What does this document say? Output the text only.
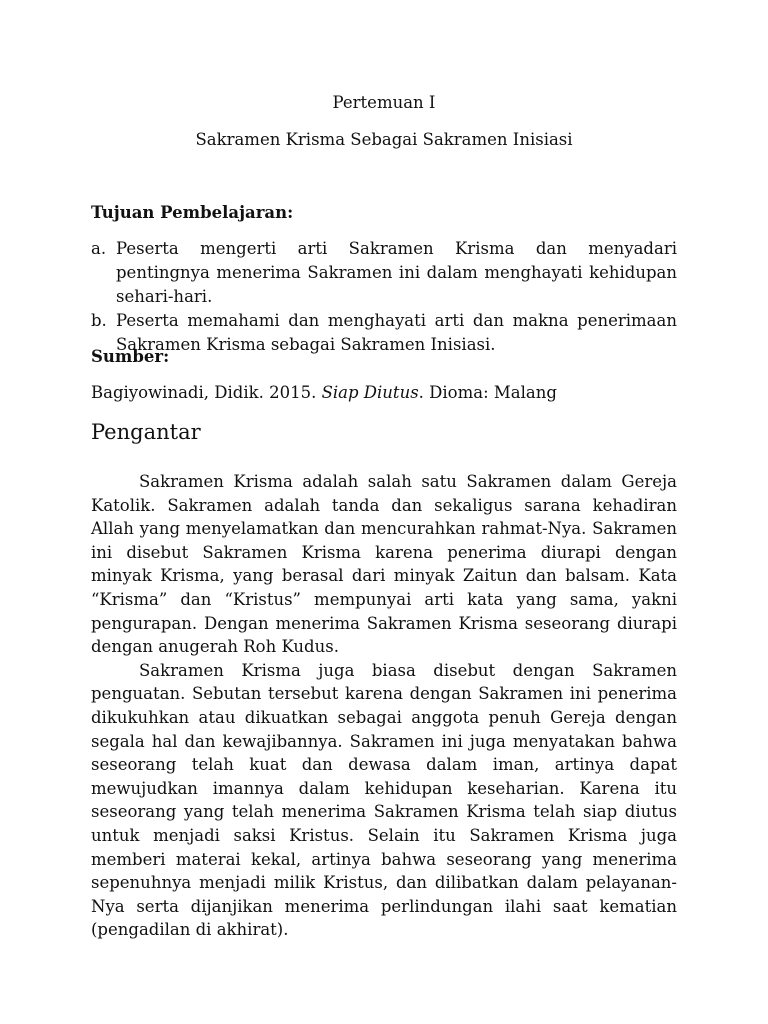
Pertemuan I
Sakramen Krisma Sebagai Sakramen Inisiasi
Tujuan Pembelajaran:
a. Peserta mengerti arti Sakramen Krisma dan menyadari pentingnya menerima Sakramen ini dalam menghayati kehidupan sehari-hari.
b. Peserta memahami dan menghayati arti dan makna penerimaan Sakramen Krisma sebagai Sakramen Inisiasi.
Sumber:
Bagiyowinadi, Didik. 2015. Siap Diutus. Dioma: Malang
Pengantar

Sakramen Krisma adalah salah satu Sakramen dalam Gereja Katolik. Sakramen adalah tanda dan sekaligus sarana kehadiran Allah yang menyelamatkan dan mencurahkan rahmat-Nya. Sakramen ini disebut Sakramen Krisma karena penerima diurapi dengan minyak Krisma, yang berasal dari minyak Zaitun dan balsam. Kata “Krisma” dan “Kristus” mempunyai arti kata yang sama, yakni pengurapan. Dengan menerima Sakramen Krisma seseorang diurapi dengan anugerah Roh Kudus.

Sakramen Krisma juga biasa disebut dengan Sakramen penguatan. Sebutan tersebut karena dengan Sakramen ini penerima dikukuhkan atau dikuatkan sebagai anggota penuh Gereja dengan segala hal dan kewajibannya. Sakramen ini juga menyatakan bahwa seseorang telah kuat dan dewasa dalam iman, artinya dapat mewujudkan imannya dalam kehidupan keseharian. Karena itu seseorang yang telah menerima Sakramen Krisma telah siap diutus untuk menjadi saksi Kristus. Selain itu Sakramen Krisma juga memberi materai kekal, artinya bahwa seseorang yang menerima sepenuhnya menjadi milik Kristus, dan dilibatkan dalam pelayanan-Nya serta dijanjikan menerima perlindungan ilahi saat kematian (pengadilan di akhirat).
